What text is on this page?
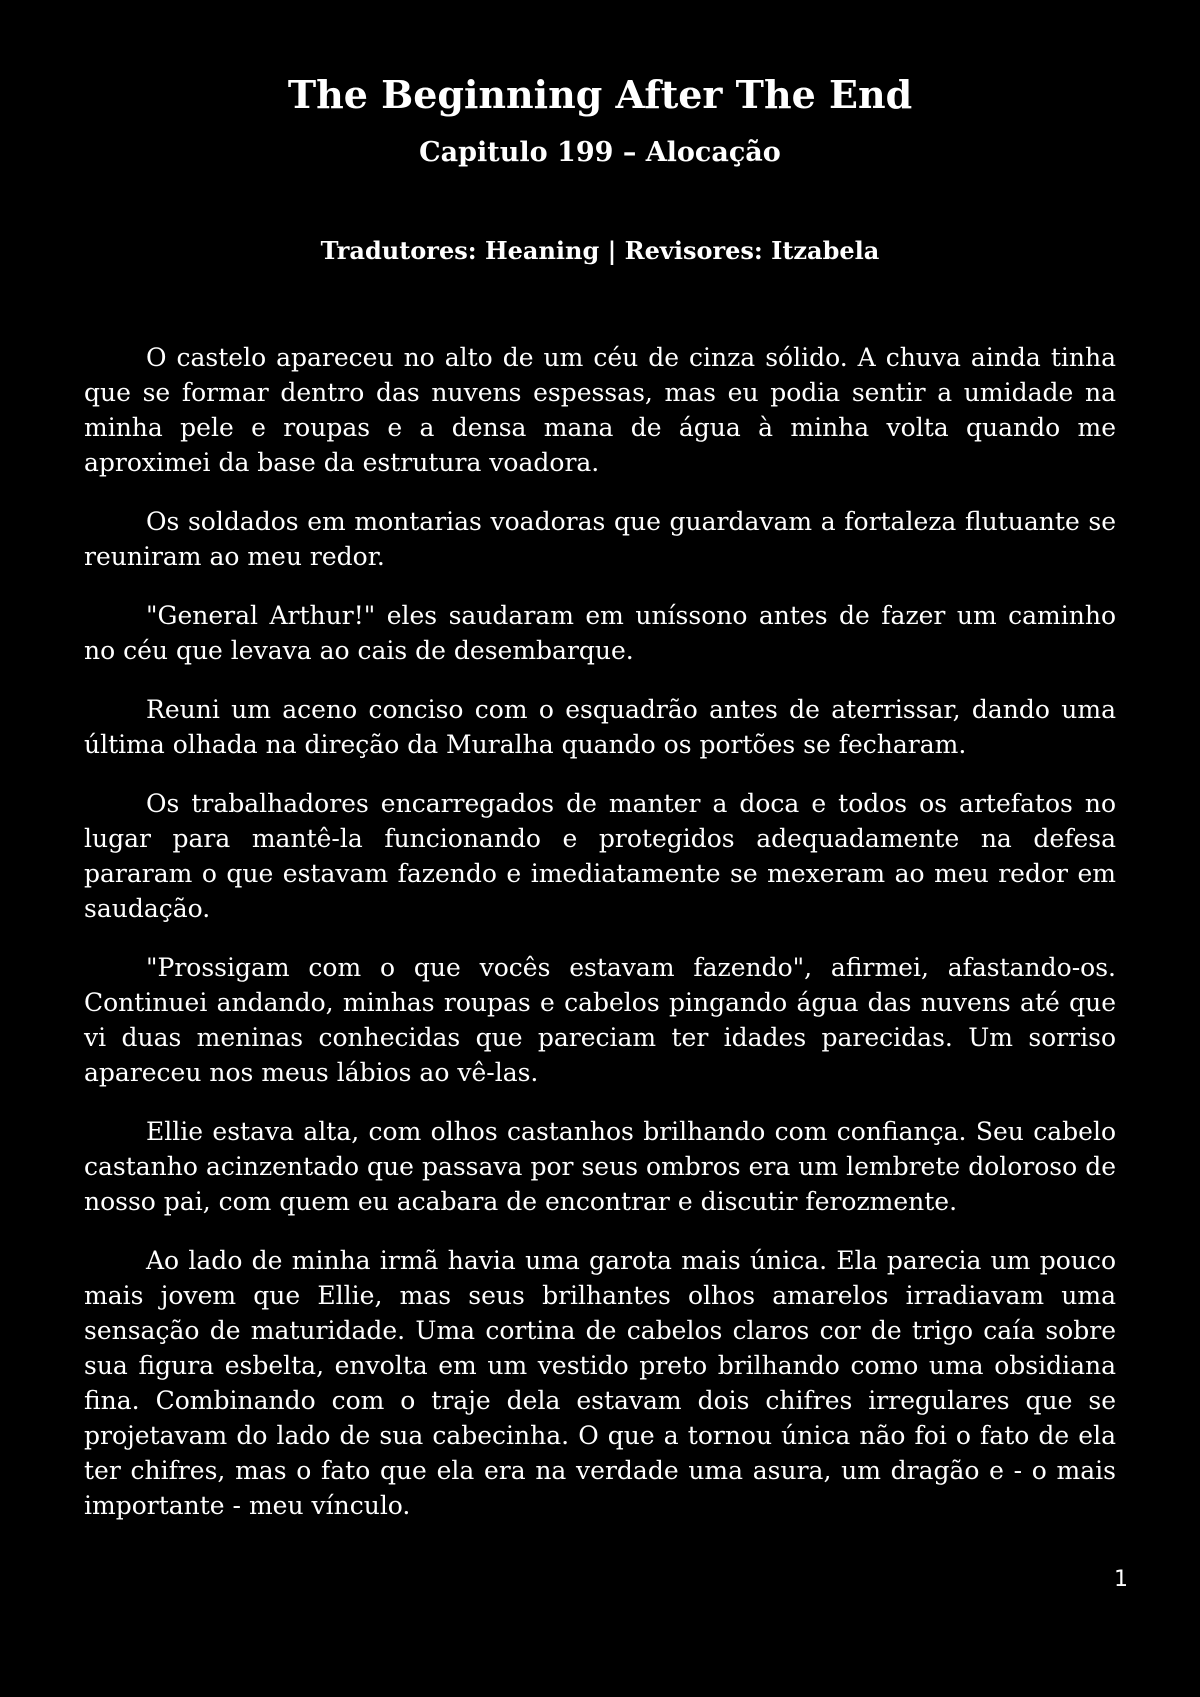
The Beginning After The End
Capitulo 199 – Alocação

Tradutores: Heaning | Revisores: Itzabela

O castelo apareceu no alto de um céu de cinza sólido. A chuva ainda tinha que se formar dentro das nuvens espessas, mas eu podia sentir a umidade na minha pele e roupas e a densa mana de água à minha volta quando me aproximei da base da estrutura voadora.

Os soldados em montarias voadoras que guardavam a fortaleza flutuante se reuniram ao meu redor.

"General Arthur!" eles saudaram em uníssono antes de fazer um caminho no céu que levava ao cais de desembarque.

Reuni um aceno conciso com o esquadrão antes de aterrissar, dando uma última olhada na direção da Muralha quando os portões se fecharam.

Os trabalhadores encarregados de manter a doca e todos os artefatos no lugar para mantê-la funcionando e protegidos adequadamente na defesa pararam o que estavam fazendo e imediatamente se mexeram ao meu redor em saudação.

"Prossigam com o que vocês estavam fazendo", afirmei, afastando-os. Continuei andando, minhas roupas e cabelos pingando água das nuvens até que vi duas meninas conhecidas que pareciam ter idades parecidas. Um sorriso apareceu nos meus lábios ao vê-las.

Ellie estava alta, com olhos castanhos brilhando com confiança. Seu cabelo castanho acinzentado que passava por seus ombros era um lembrete doloroso de nosso pai, com quem eu acabara de encontrar e discutir ferozmente.

Ao lado de minha irmã havia uma garota mais única. Ela parecia um pouco mais jovem que Ellie, mas seus brilhantes olhos amarelos irradiavam uma sensação de maturidade. Uma cortina de cabelos claros cor de trigo caía sobre sua figura esbelta, envolta em um vestido preto brilhando como uma obsidiana fina. Combinando com o traje dela estavam dois chifres irregulares que se projetavam do lado de sua cabecinha. O que a tornou única não foi o fato de ela ter chifres, mas o fato que ela era na verdade uma asura, um dragão e - o mais importante - meu vínculo.

1
